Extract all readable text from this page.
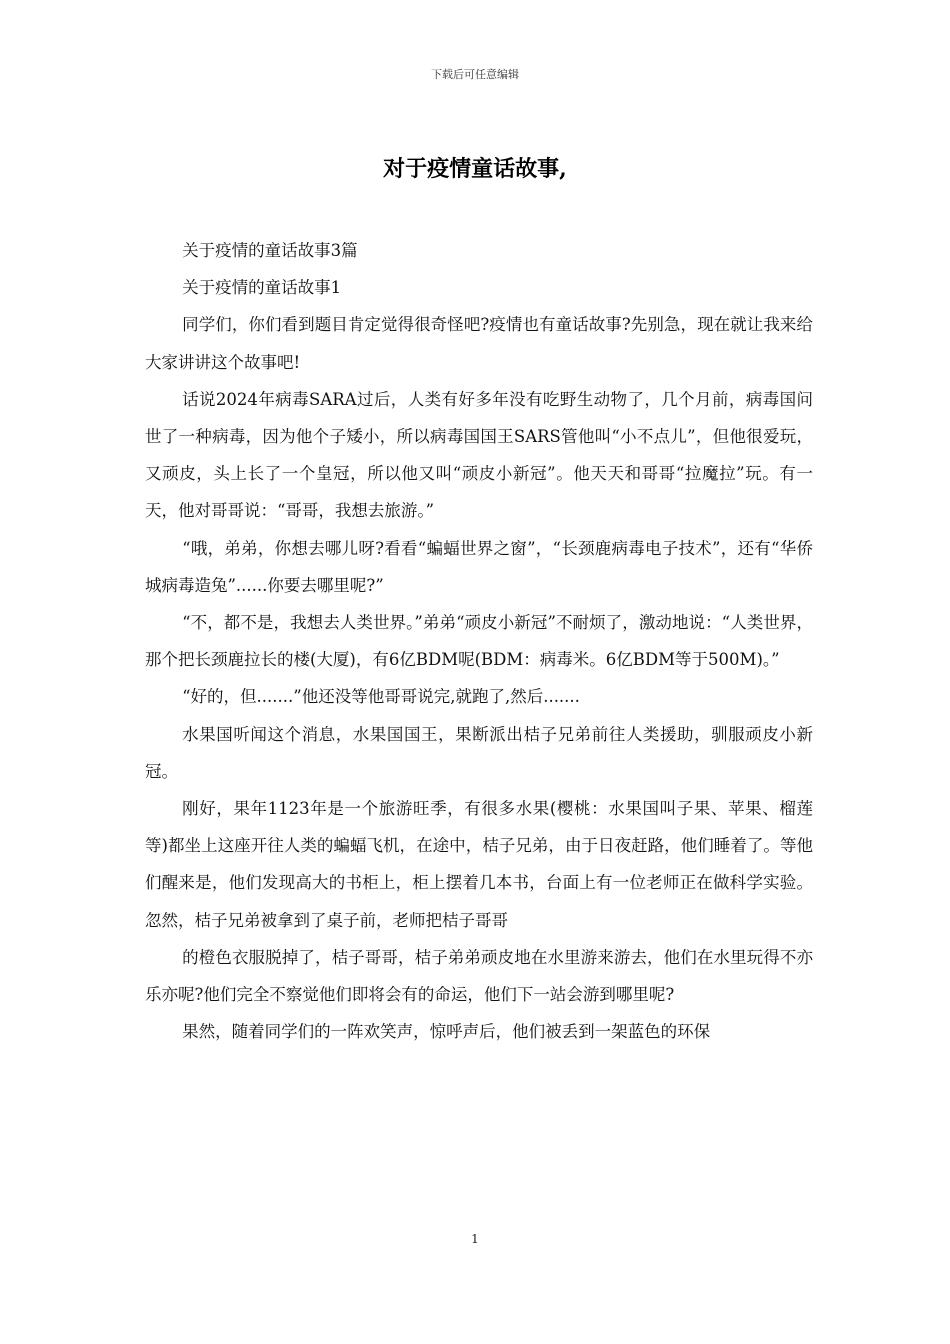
下载后可任意编辑
对于疫情童话故事,

关于疫情的童话故事3篇

关于疫情的童话故事1

同学们，你们看到题目肯定觉得很奇怪吧?疫情也有童话故事?先别急，现在就让我来给大家讲讲这个故事吧!

话说2024年病毒SARA过后，人类有好多年没有吃野生动物了，几个月前，病毒国问世了一种病毒，因为他个子矮小，所以病毒国国王SARS管他叫“小不点儿”，但他很爱玩，又顽皮，头上长了一个皇冠，所以他又叫“顽皮小新冠”。他天天和哥哥“拉魔拉”玩。有一天，他对哥哥说：“哥哥，我想去旅游。”

“哦，弟弟，你想去哪儿呀?看看“蝙蝠世界之窗”，“长颈鹿病毒电子技术”，还有“华侨城病毒造兔”......你要去哪里呢?”

“不，都不是，我想去人类世界。”弟弟“顽皮小新冠”不耐烦了，激动地说：“人类世界，那个把长颈鹿拉长的楼(大厦)，有6亿BDM呢(BDM：病毒米。6亿BDM等于500M)。”

“好的，但.......”他还没等他哥哥说完,就跑了,然后.......

水果国听闻这个消息，水果国国王，果断派出桔子兄弟前往人类援助，驯服顽皮小新冠。

刚好，果年1123年是一个旅游旺季，有很多水果(樱桃：水果国叫子果、苹果、榴莲等)都坐上这座开往人类的蝙蝠飞机，在途中，桔子兄弟，由于日夜赶路，他们睡着了。等他们醒来是，他们发现高大的书柜上，柜上摆着几本书，台面上有一位老师正在做科学实验。忽然，桔子兄弟被拿到了桌子前，老师把桔子哥哥

的橙色衣服脱掉了，桔子哥哥，桔子弟弟顽皮地在水里游来游去，他们在水里玩得不亦乐亦呢?他们完全不察觉他们即将会有的命运，他们下一站会游到哪里呢?

果然，随着同学们的一阵欢笑声，惊呼声后，他们被丢到一架蓝色的环保

1
